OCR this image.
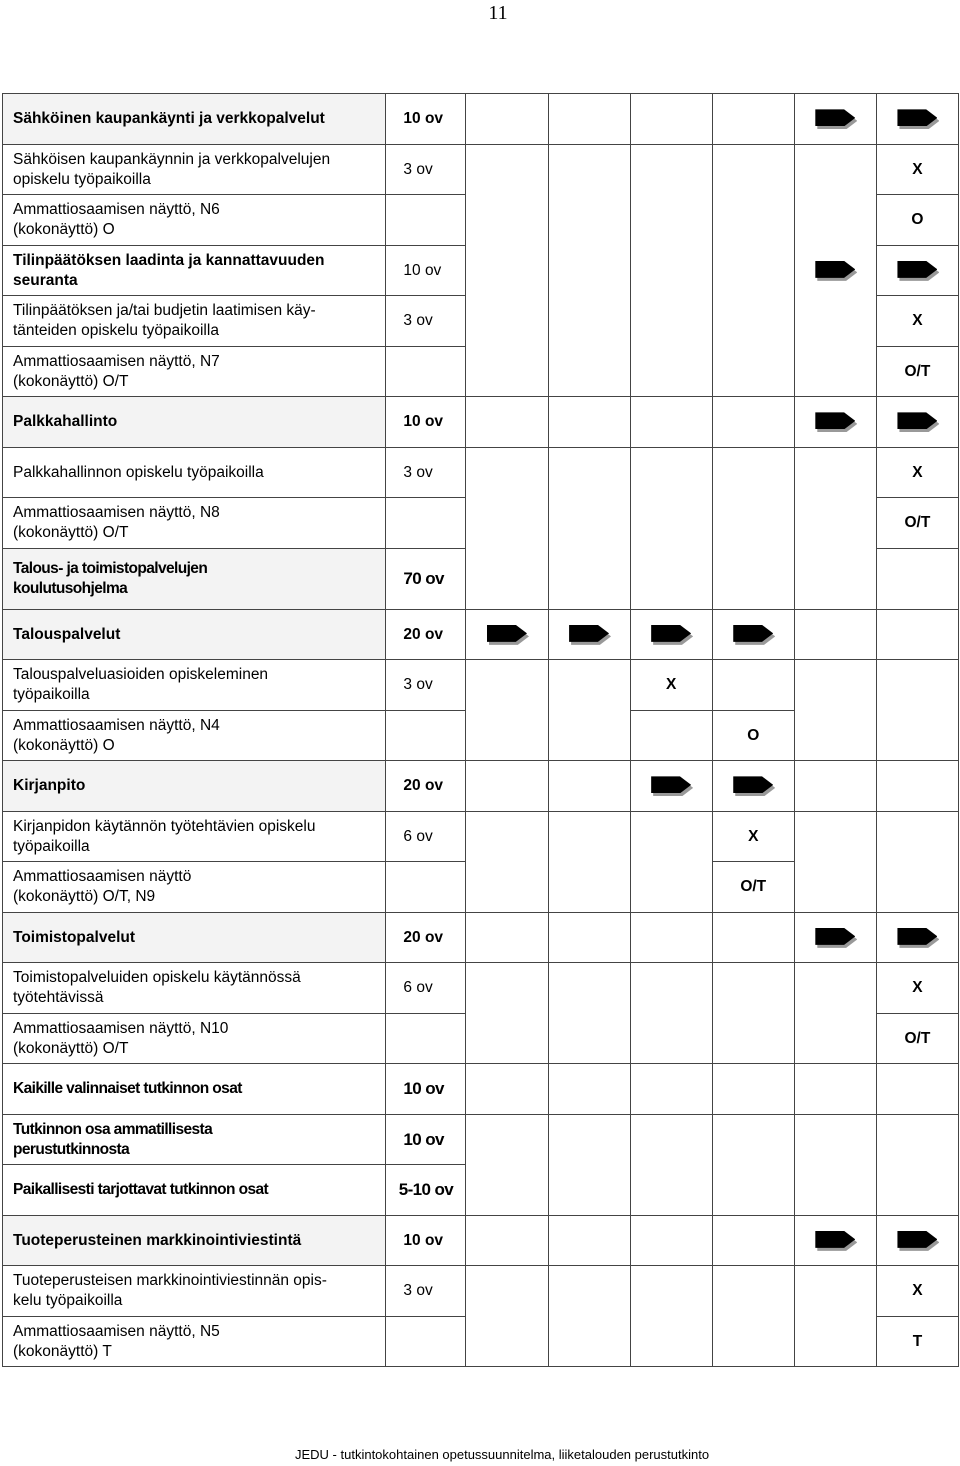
11
Sähköinen kaupankäynti ja verkkopalvelut	10 ov						

Sähköisen kaupankäynnin ja verkkopalvelujen
opiskelu työpaikoilla	3 ov						X

Ammattiosaamisen näyttö, N6
(kokonäyttö) O							O

Tilinpäätöksen laadinta ja kannattavuuden
seuranta	10 ov						

Tilinpäätöksen ja/tai budjetin laatimisen käy-
tänteiden opiskelu työpaikoilla	3 ov						X

Ammattiosaamisen näyttö, N7
(kokonäyttö) O/T							O/T
Palkkahallinto	10 ov						
Palkkahallinnon opiskelu työpaikoilla	3 ov						X

Ammattiosaamisen näyttö, N8
(kokonäyttö) O/T							O/T

Talous- ja toimistopalvelujen
koulutusohjelma	70 ov						
Talouspalvelut	20 ov						

Talouspalveluasioiden opiskeleminen
työpaikoilla	3 ov			X			

Ammattiosaamisen näyttö, N4
(kokonäyttö) O					O		
Kirjanpito	20 ov						

Kirjanpidon käytännön työtehtävien opiskelu
työpaikoilla	6 ov				X		

Ammattiosaamisen näyttö
(kokonäyttö) O/T, N9					O/T		
Toimistopalvelut	20 ov						

Toimistopalveluiden opiskelu käytännössä
työtehtävissä	6 ov						X

Ammattiosaamisen näyttö, N10
(kokonäyttö) O/T							O/T
Kaikille valinnaiset tutkinnon osat	10 ov						

Tutkinnon osa ammatillisesta
perustutkinnosta	10 ov						
Paikallisesti tarjottavat tutkinnon osat	5-10 ov						
Tuoteperusteinen markkinointiviestintä	10 ov						

Tuoteperusteisen markkinointiviestinnän opis-
kelu työpaikoilla	3 ov						X

Ammattiosaamisen näyttö, N5
(kokonäyttö) T							T
JEDU - tutkintokohtainen opetussuunnitelma, liiketalouden perustutkinto
